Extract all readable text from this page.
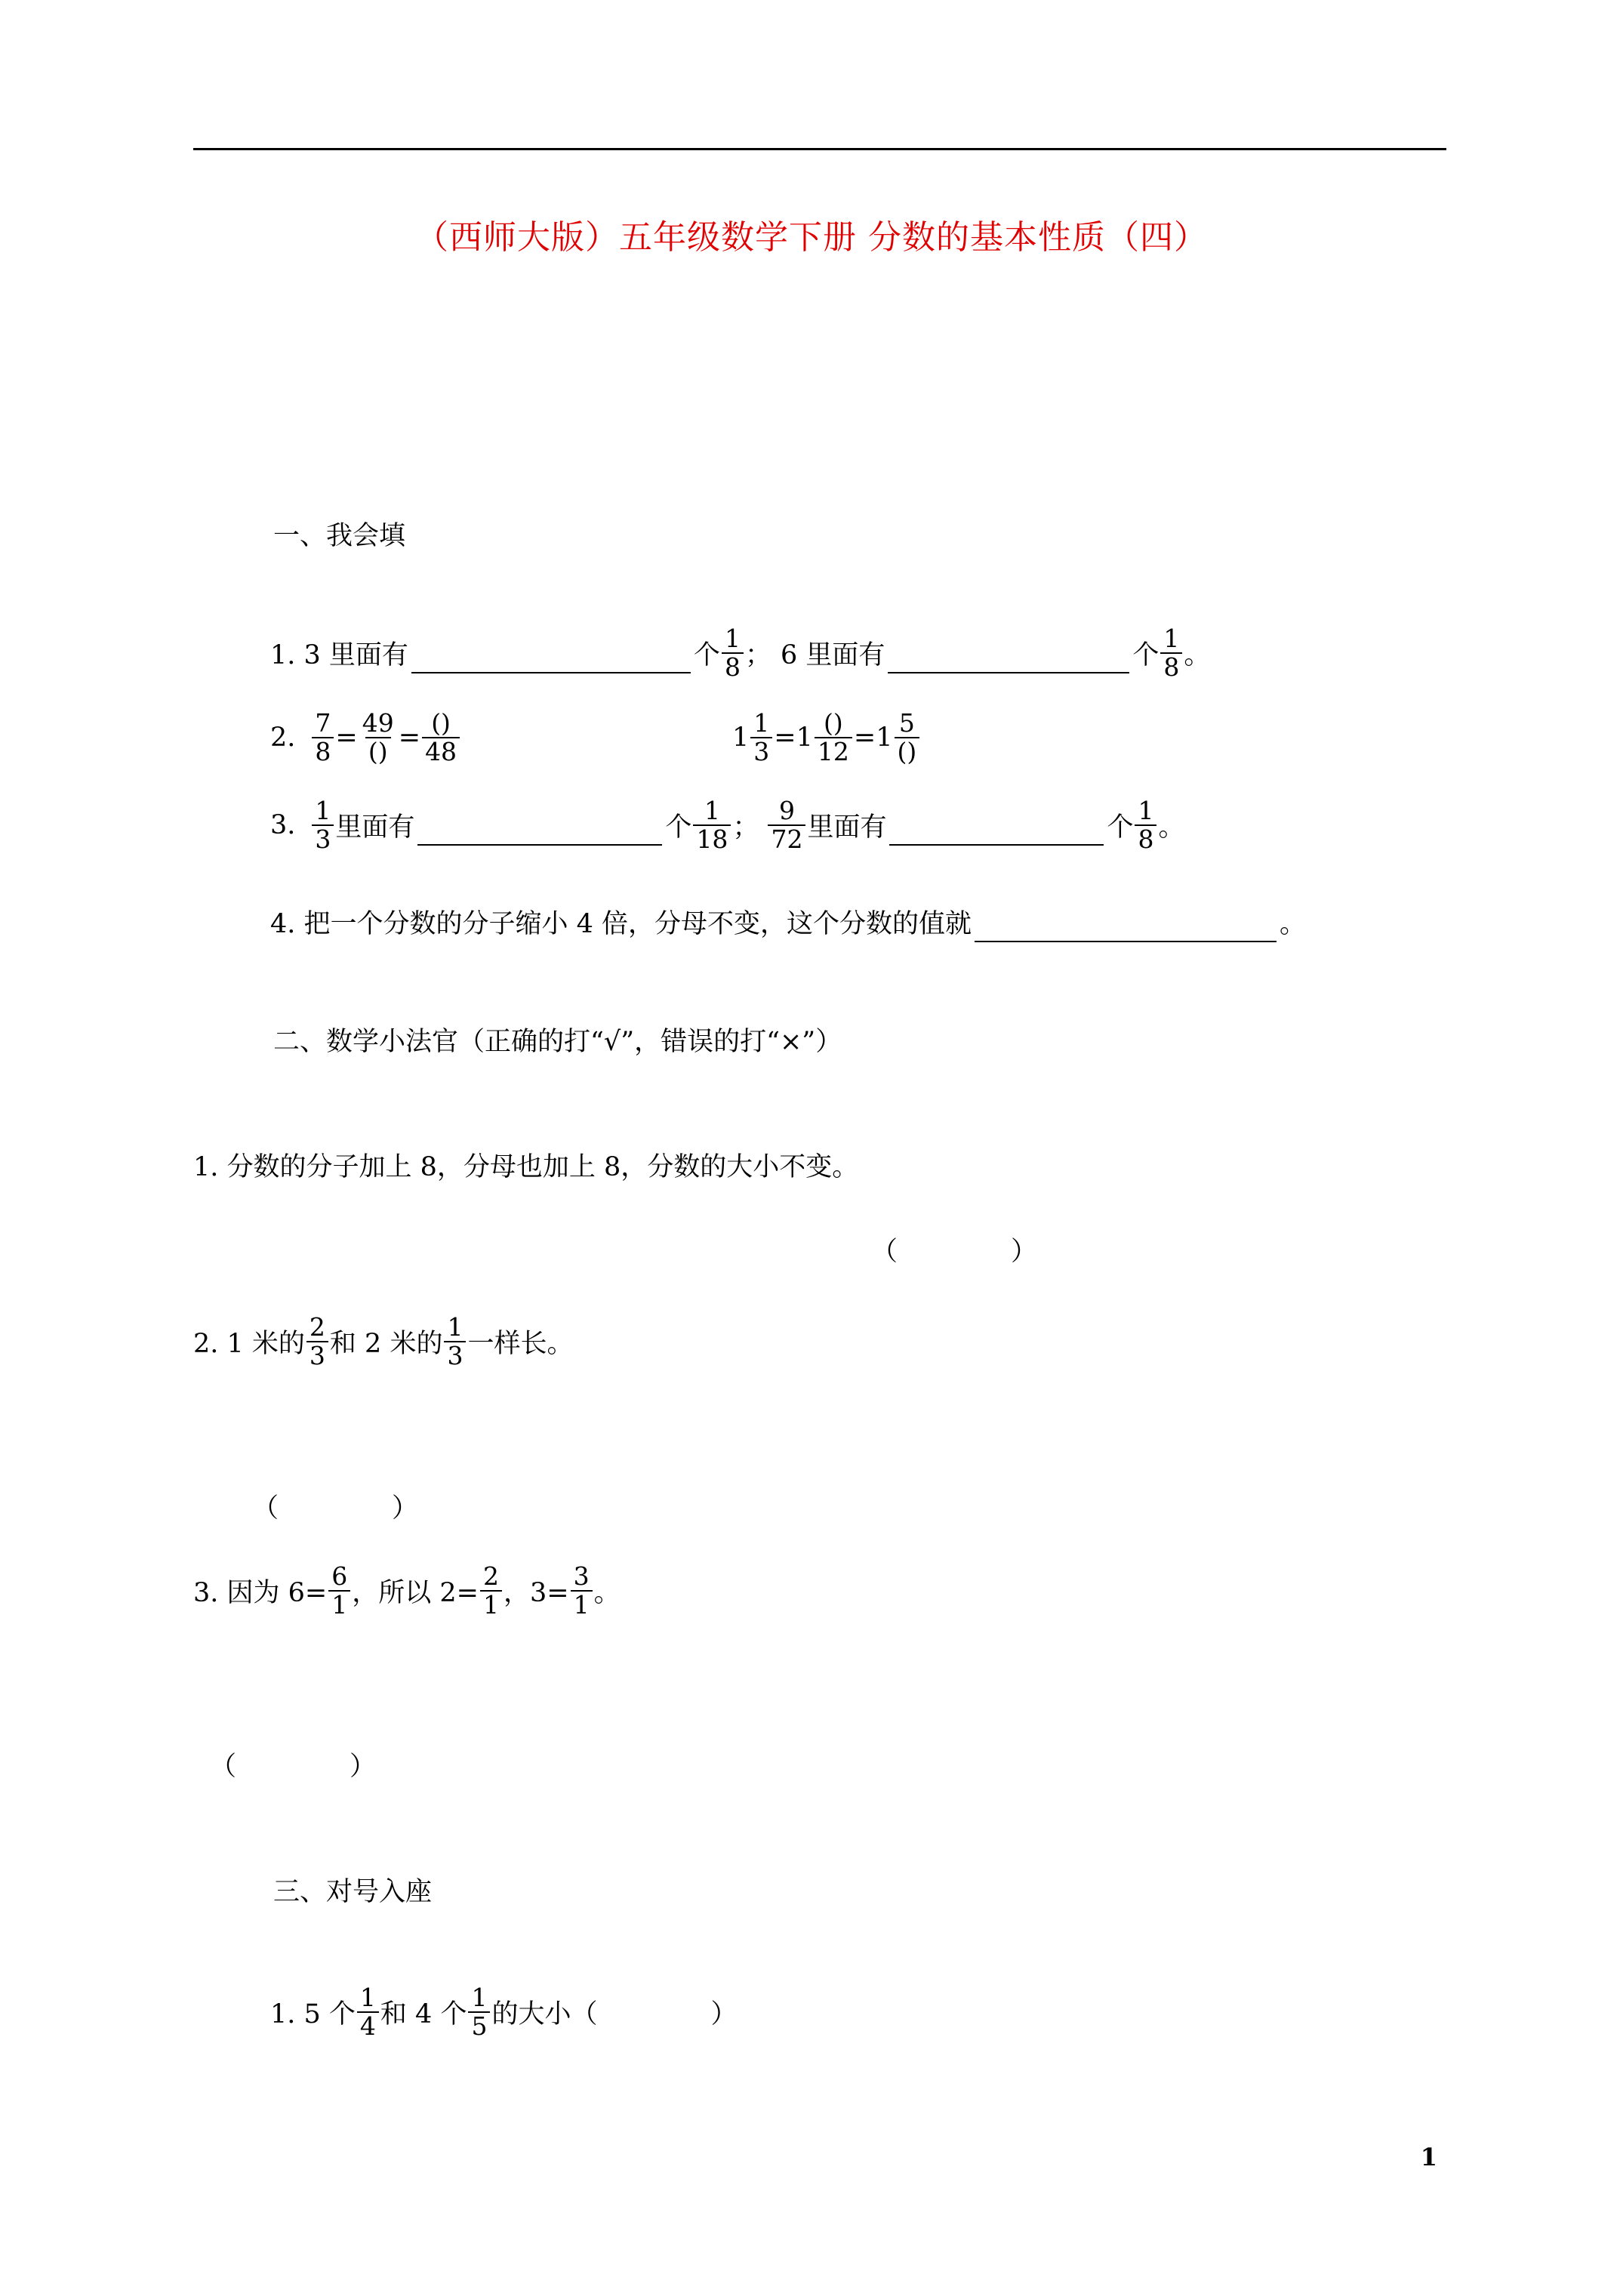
（西师大版）五年级数学下册 分数的基本性质（四）
一、我会填
1. 3 里面有	个 $\frac{1}{8}$ ； 6 里面有	个 $\frac{1}{8}$ 。
2. $\frac{7}{8} = \frac{49}{()} = \frac{()}{48}$	$1 \frac{1}{3} = 1 \frac{()}{12} = 1 \frac{5}{()}$
3. $\frac{1}{3}$ 里面有	个 $\frac{1}{18}$ ； $\frac{9}{72}$ 里面有	个 $\frac{1}{8}$ 。
4. 把一个分数的分子缩小 4 倍，分母不变，这个分数的值就	。
二、数学小法官（正确的打“√”，错误的打“×”）
1. 分数的分子加上 8，分母也加上 8，分数的大小不变。
（	）
2. 1 米的 $\frac{2}{3}$ 和 2 米的 $\frac{1}{3}$ 一样长。
（	）
3. 因为 $6= \frac{6}{1}$ ，所以 $2= \frac{2}{1}$ ，$3= \frac{3}{1}$ 。
（	）
三、对号入座
1. 5 个 $\frac{1}{4}$ 和 4 个 $\frac{1}{5}$ 的大小（	）
1
